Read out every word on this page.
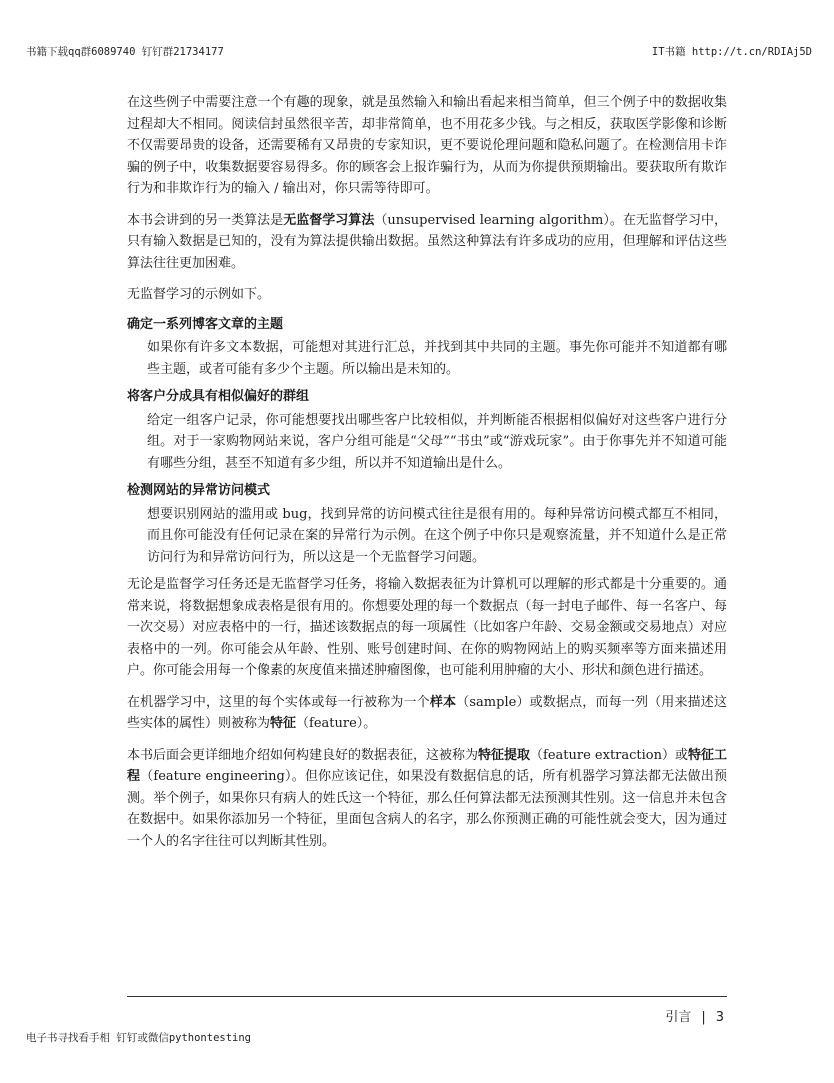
书籍下载qq群6089740 钉钉群21734177	IT书籍 http://t.cn/RDIAj5D

在这些例子中需要注意一个有趣的现象，就是虽然输入和输出看起来相当简单，但三个例子中的数据收集过程却大不相同。阅读信封虽然很辛苦，却非常简单，也不用花多少钱。与之相反，获取医学影像和诊断不仅需要昂贵的设备，还需要稀有又昂贵的专家知识，更不要说伦理问题和隐私问题了。在检测信用卡诈骗的例子中，收集数据要容易得多。你的顾客会上报诈骗行为，从而为你提供预期输出。要获取所有欺诈行为和非欺诈行为的输入 / 输出对，你只需等待即可。

本书会讲到的另一类算法是无监督学习算法（unsupervised learning algorithm）。在无监督学习中，只有输入数据是已知的，没有为算法提供输出数据。虽然这种算法有许多成功的应用，但理解和评估这些算法往往更加困难。

无监督学习的示例如下。

确定一系列博客文章的主题
如果你有许多文本数据，可能想对其进行汇总，并找到其中共同的主题。事先你可能并不知道都有哪些主题，或者可能有多少个主题。所以输出是未知的。
将客户分成具有相似偏好的群组
给定一组客户记录，你可能想要找出哪些客户比较相似，并判断能否根据相似偏好对这些客户进行分组。对于一家购物网站来说，客户分组可能是“父母”“书虫”或“游戏玩家”。由于你事先并不知道可能有哪些分组，甚至不知道有多少组，所以并不知道输出是什么。
检测网站的异常访问模式
想要识别网站的滥用或 bug，找到异常的访问模式往往是很有用的。每种异常访问模式都互不相同，而且你可能没有任何记录在案的异常行为示例。在这个例子中你只是观察流量，并不知道什么是正常访问行为和异常访问行为，所以这是一个无监督学习问题。

无论是监督学习任务还是无监督学习任务，将输入数据表征为计算机可以理解的形式都是十分重要的。通常来说，将数据想象成表格是很有用的。你想要处理的每一个数据点（每一封电子邮件、每一名客户、每一次交易）对应表格中的一行，描述该数据点的每一项属性（比如客户年龄、交易金额或交易地点）对应表格中的一列。你可能会从年龄、性别、账号创建时间、在你的购物网站上的购买频率等方面来描述用户。你可能会用每一个像素的灰度值来描述肿瘤图像，也可能利用肿瘤的大小、形状和颜色进行描述。

在机器学习中，这里的每个实体或每一行被称为一个样本（sample）或数据点，而每一列（用来描述这些实体的属性）则被称为特征（feature）。

本书后面会更详细地介绍如何构建良好的数据表征，这被称为特征提取（feature extraction）或特征工程（feature engineering）。但你应该记住，如果没有数据信息的话，所有机器学习算法都无法做出预测。举个例子，如果你只有病人的姓氏这一个特征，那么任何算法都无法预测其性别。这一信息并未包含在数据中。如果你添加另一个特征，里面包含病人的名字，那么你预测正确的可能性就会变大，因为通过一个人的名字往往可以判断其性别。

引言 | 3
电子书寻找看手相 钉钉或微信pythontesting
